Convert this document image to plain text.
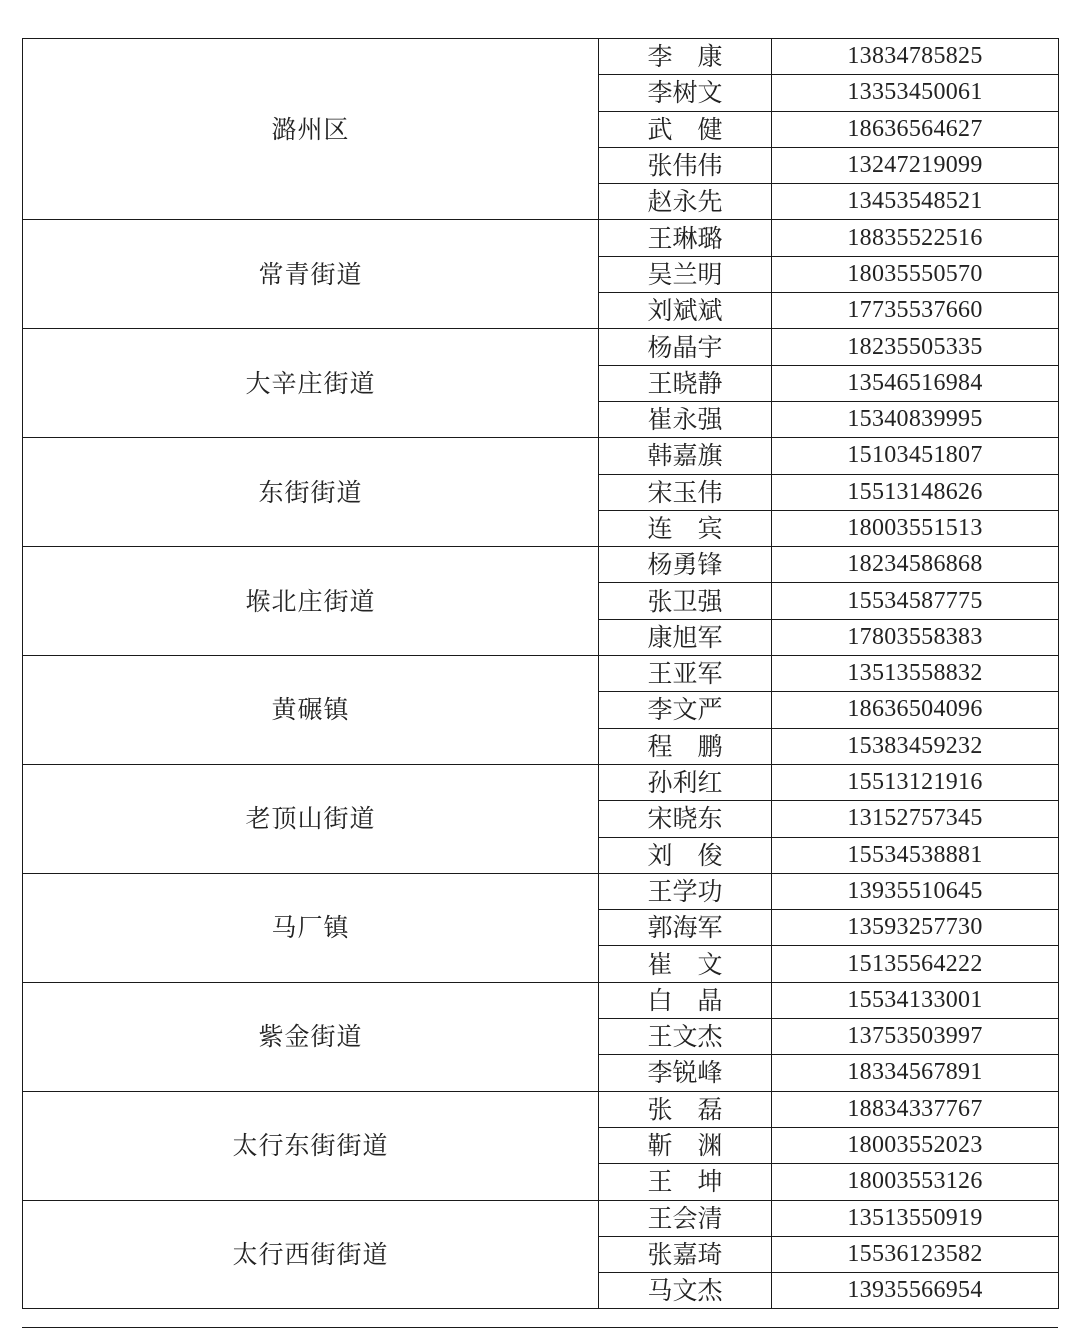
潞州区	李　康	13834785825
	李树文	13353450061
	武　健	18636564627
	张伟伟	13247219099
	赵永先	13453548521
常青街道	王琳璐	18835522516
	吴兰明	18035550570
	刘斌斌	17735537660
大辛庄街道	杨晶宇	18235505335
	王晓静	13546516984
	崔永强	15340839995
东街街道	韩嘉旗	15103451807
	宋玉伟	15513148626
	连　宾	18003551513
堠北庄街道	杨勇锋	18234586868
	张卫强	15534587775
	康旭军	17803558383
黄碾镇	王亚军	13513558832
	李文严	18636504096
	程　鹏	15383459232
老顶山街道	孙利红	15513121916
	宋晓东	13152757345
	刘　俊	15534538881
马厂镇	王学功	13935510645
	郭海军	13593257730
	崔　文	15135564222
紫金街道	白　晶	15534133001
	王文杰	13753503997
	李锐峰	18334567891
太行东街街道	张　磊	18834337767
	靳　渊	18003552023
	王　坤	18003553126
太行西街街道	王会清	13513550919
	张嘉琦	15536123582
	马文杰	13935566954
